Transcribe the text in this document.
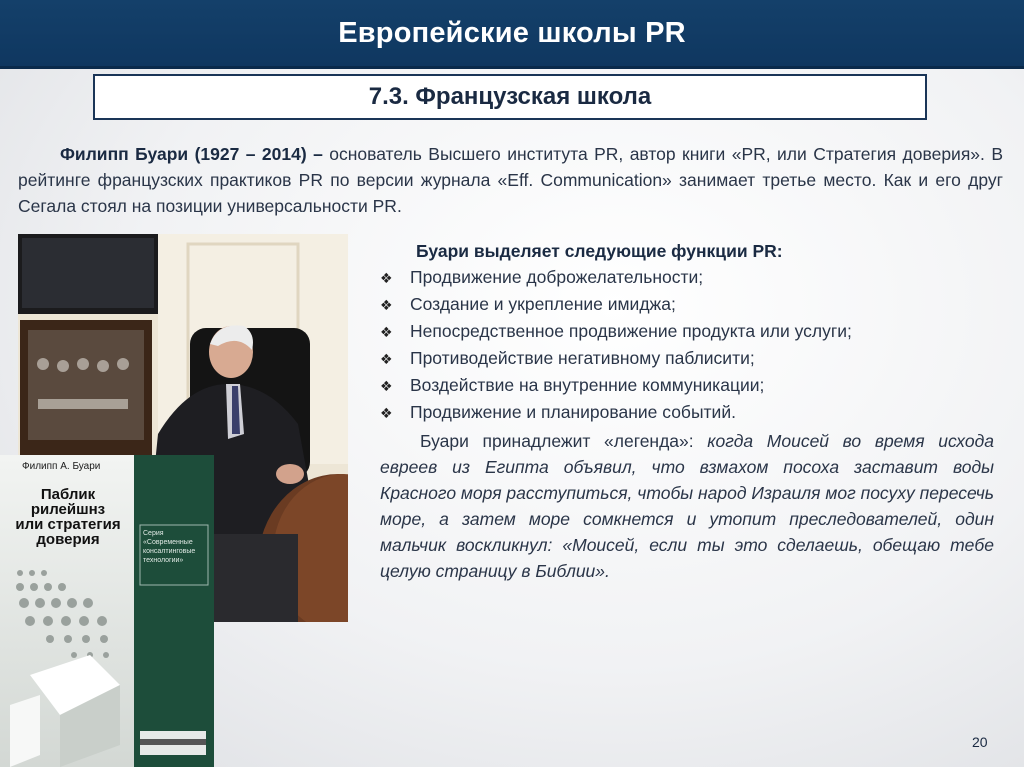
Европейские школы PR
7.3. Французская школа

Филипп Буари (1927 – 2014) – основатель Высшего института PR, автор книги «PR, или Стратегия доверия». В рейтинге французских практиков PR по версии журнала «Eff. Communication» занимает третье место. Как и его друг Сегала стоял на позиции универсальности PR.

Филипп А. Буари
Паблик рилейшнз
или стратегия
доверия	Серия «Современные консалтинговые технологии»

Буари выделяет следующие функции PR:

❖ Продвижение доброжелательности;
❖ Создание и укрепление имиджа;
❖ Непосредственное продвижение продукта или услуги;
❖ Противодействие негативному паблисити;
❖ Воздействие на внутренние коммуникации;
❖ Продвижение и планирование событий.

Буари принадлежит «легенда»: когда Моисей во время исхода евреев из Египта объявил, что взмахом посоха заставит воды Красного моря расступиться, чтобы народ Израиля мог посуху пересечь море, а затем море сомкнется и утопит преследователей, один мальчик воскликнул: «Моисей, если ты это сделаешь, обещаю тебе целую страницу в Библии».

20
